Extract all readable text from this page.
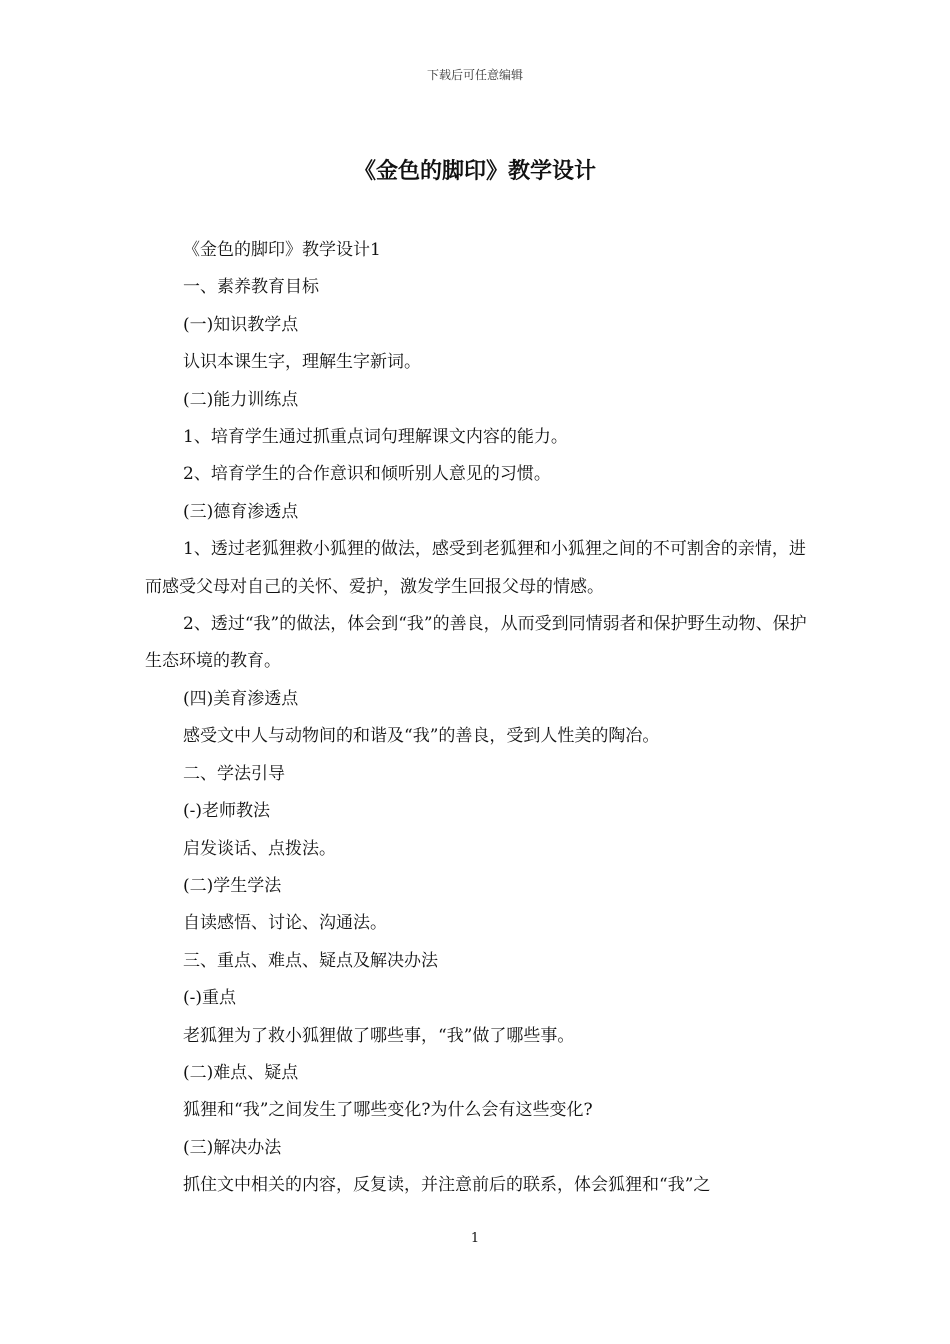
下载后可任意编辑
《金色的脚印》教学设计

《金色的脚印》教学设计1

一、素养教育目标

(一)知识教学点

认识本课生字，理解生字新词。

(二)能力训练点

1、培育学生通过抓重点词句理解课文内容的能力。

2、培育学生的合作意识和倾听别人意见的习惯。

(三)德育渗透点

1、透过老狐狸救小狐狸的做法，感受到老狐狸和小狐狸之间的不可割舍的亲情，进而感受父母对自己的关怀、爱护，激发学生回报父母的情感。

2、透过“我”的做法，体会到“我”的善良，从而受到同情弱者和保护野生动物、保护生态环境的教育。

(四)美育渗透点

感受文中人与动物间的和谐及“我”的善良，受到人性美的陶冶。

二、学法引导

(-)老师教法

启发谈话、点拨法。

(二)学生学法

自读感悟、讨论、沟通法。

三、重点、难点、疑点及解决办法

(-)重点

老狐狸为了救小狐狸做了哪些事，“我”做了哪些事。

(二)难点、疑点

狐狸和“我”之间发生了哪些变化?为什么会有这些变化?

(三)解决办法

抓住文中相关的内容，反复读，并注意前后的联系，体会狐狸和“我”之

1
